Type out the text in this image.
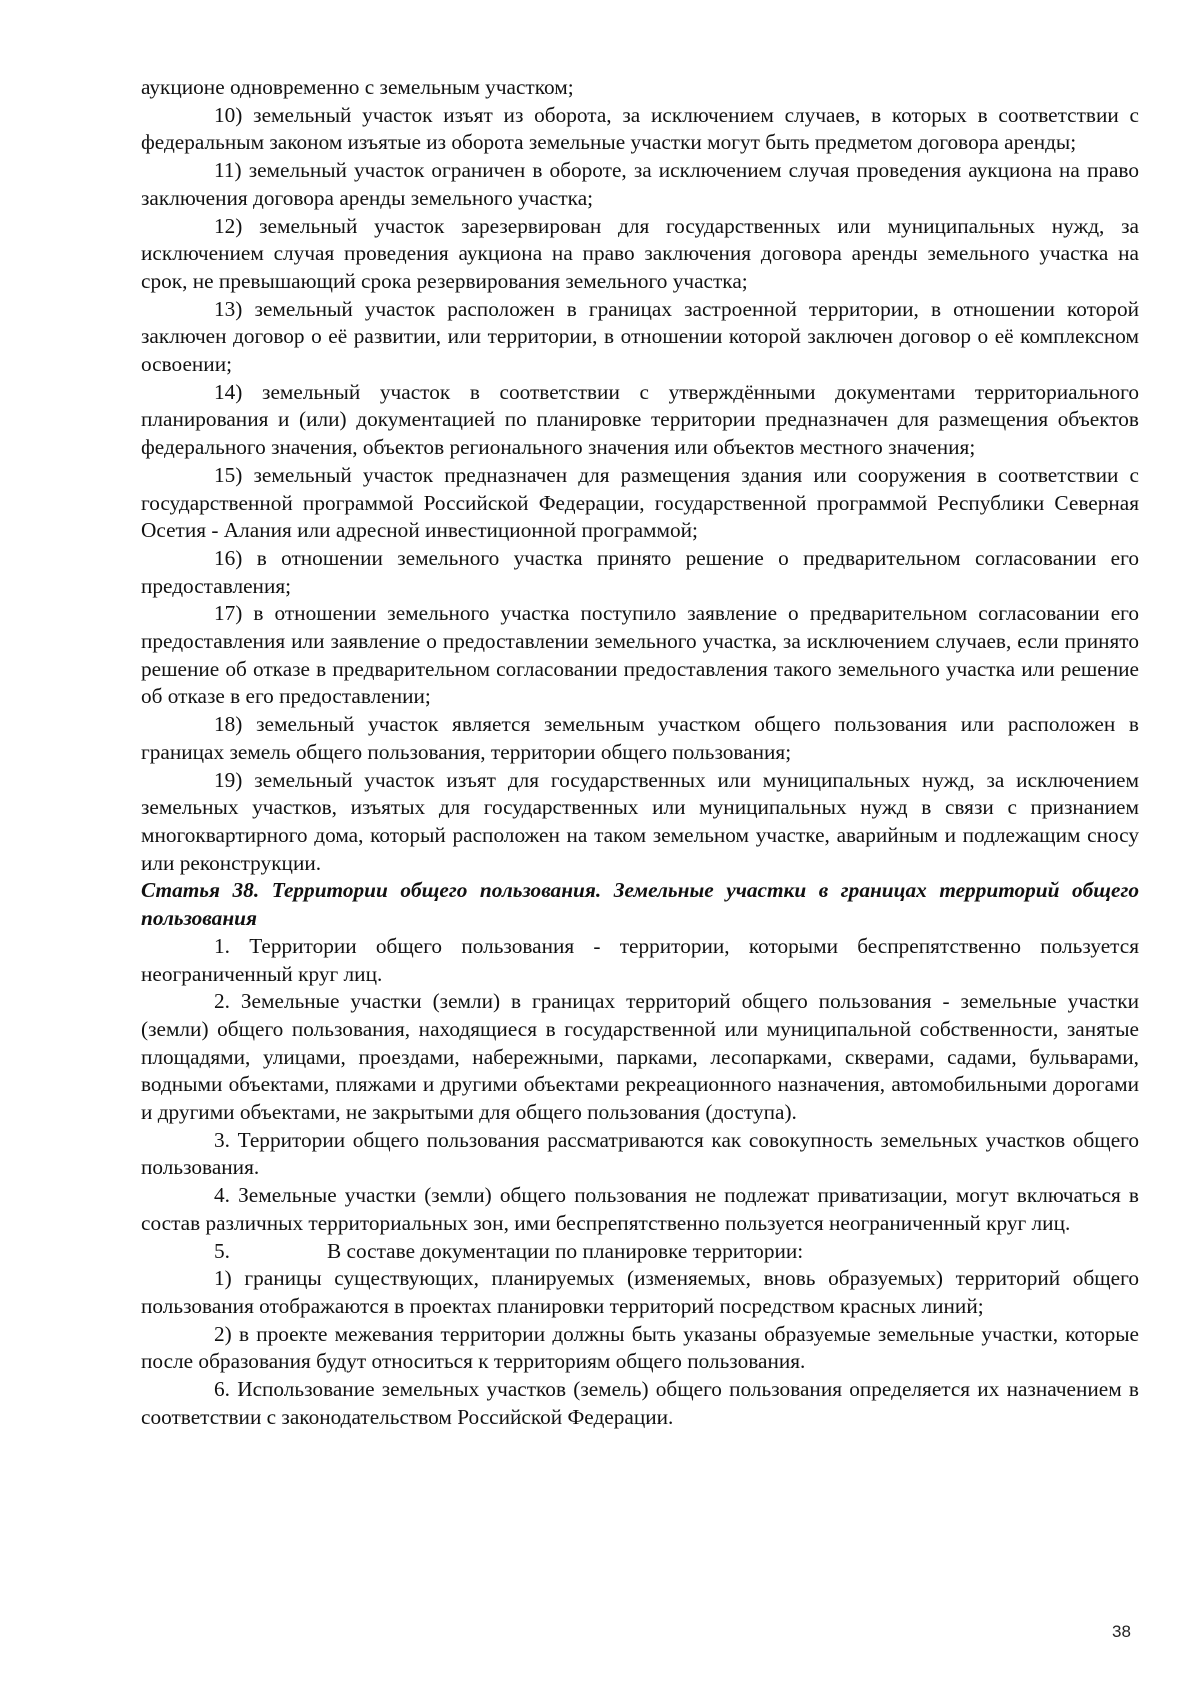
аукционе одновременно с земельным участком;

10) земельный участок изъят из оборота, за исключением случаев, в которых в соответствии с федеральным законом изъятые из оборота земельные участки могут быть предметом договора аренды;

11) земельный участок ограничен в обороте, за исключением случая проведения аукциона на право заключения договора аренды земельного участка;

12) земельный участок зарезервирован для государственных или муниципальных нужд, за исключением случая проведения аукциона на право заключения договора аренды земельного участка на срок, не превышающий срока резервирования земельного участка;

13) земельный участок расположен в границах застроенной территории, в отношении которой заключен договор о её развитии, или территории, в отношении которой заключен договор о её комплексном освоении;

14) земельный участок в соответствии с утверждёнными документами территориального планирования и (или) документацией по планировке территории предназначен для размещения объектов федерального значения, объектов регионального значения или объектов местного значения;

15) земельный участок предназначен для размещения здания или сооружения в соответствии с государственной программой Российской Федерации, государственной программой Республики Северная Осетия - Алания или адресной инвестиционной программой;

16) в отношении земельного участка принято решение о предварительном согласовании его предоставления;

17) в отношении земельного участка поступило заявление о предварительном согласовании его предоставления или заявление о предоставлении земельного участка, за исключением случаев, если принято решение об отказе в предварительном согласовании предоставления такого земельного участка или решение об отказе в его предоставлении;

18) земельный участок является земельным участком общего пользования или расположен в границах земель общего пользования, территории общего пользования;

19) земельный участок изъят для государственных или муниципальных нужд, за исключением земельных участков, изъятых для государственных или муниципальных нужд в связи с признанием многоквартирного дома, который расположен на таком земельном участке, аварийным и подлежащим сносу или реконструкции.

Статья 38. Территории общего пользования. Земельные участки в границах территорий общего пользования

1. Территории общего пользования - территории, которыми беспрепятственно пользуется неограниченный круг лиц.

2. Земельные участки (земли) в границах территорий общего пользования - земельные участки (земли) общего пользования, находящиеся в государственной или муниципальной собственности, занятые площадями, улицами, проездами, набережными, парками, лесопарками, скверами, садами, бульварами, водными объектами, пляжами и другими объектами рекреационного назначения, автомобильными дорогами и другими объектами, не закрытыми для общего пользования (доступа).

3. Территории общего пользования рассматриваются как совокупность земельных участков общего пользования.

4. Земельные участки (земли) общего пользования не подлежат приватизации, могут включаться в состав различных территориальных зон, ими беспрепятственно пользуется неограниченный круг лиц.

5.	В составе документации по планировке территории:

1) границы существующих, планируемых (изменяемых, вновь образуемых) территорий общего пользования отображаются в проектах планировки территорий посредством красных линий;

2) в проекте межевания территории должны быть указаны образуемые земельные участки, которые после образования будут относиться к территориям общего пользования.

6. Использование земельных участков (земель) общего пользования определяется их назначением в соответствии с законодательством Российской Федерации.

38
